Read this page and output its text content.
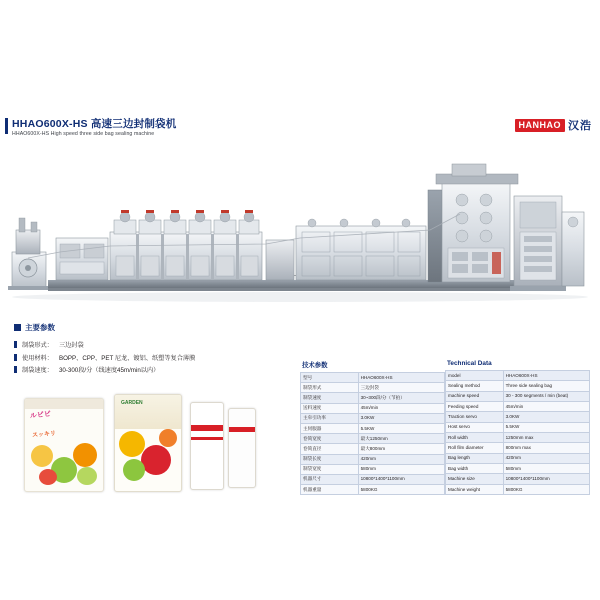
HHAO600X-HS 高速三边封制袋机
HHAO600X-HS High speed three side bag sealing machine
HANHAO 汉浩
主要参数
制袋形式： 三边封袋
使用材料： BOPP、CPP、PET 尼龙、镀铝、纸塑等复合薄膜
制袋速度： 30-300段/分（线速度45m/min以内）
ルビビ
スッキリ
GARDEN
技术参数
型号	HHAO600X-HS
制袋形式	三边封袋
制袋速度	30~300段/分（节拍）
送料速度	45m/min
主牵引功率	3.0KW
主伺服器	5.5KW
卷筒宽度	最大1250mm
卷筒直径	最大800mm
制袋长度	420mm
制袋宽度	580mm
机器尺寸	10800*1400*1100mm
机器重量	5800KG
Technical Data
model	HHAO600X-HS
Sealing method	Three side sealing bag
machine speed	30 - 300 segments / min (beat)
Feeding speed	45m/min
Traction servo	3.0KW
Host servo	5.5KW
Roll width	1250mm max
Roll film diameter	800mm max
Bag length	420mm
Bag width	580mm
Machine size	10800*1400*1100mm
Machine weight	5800KG
